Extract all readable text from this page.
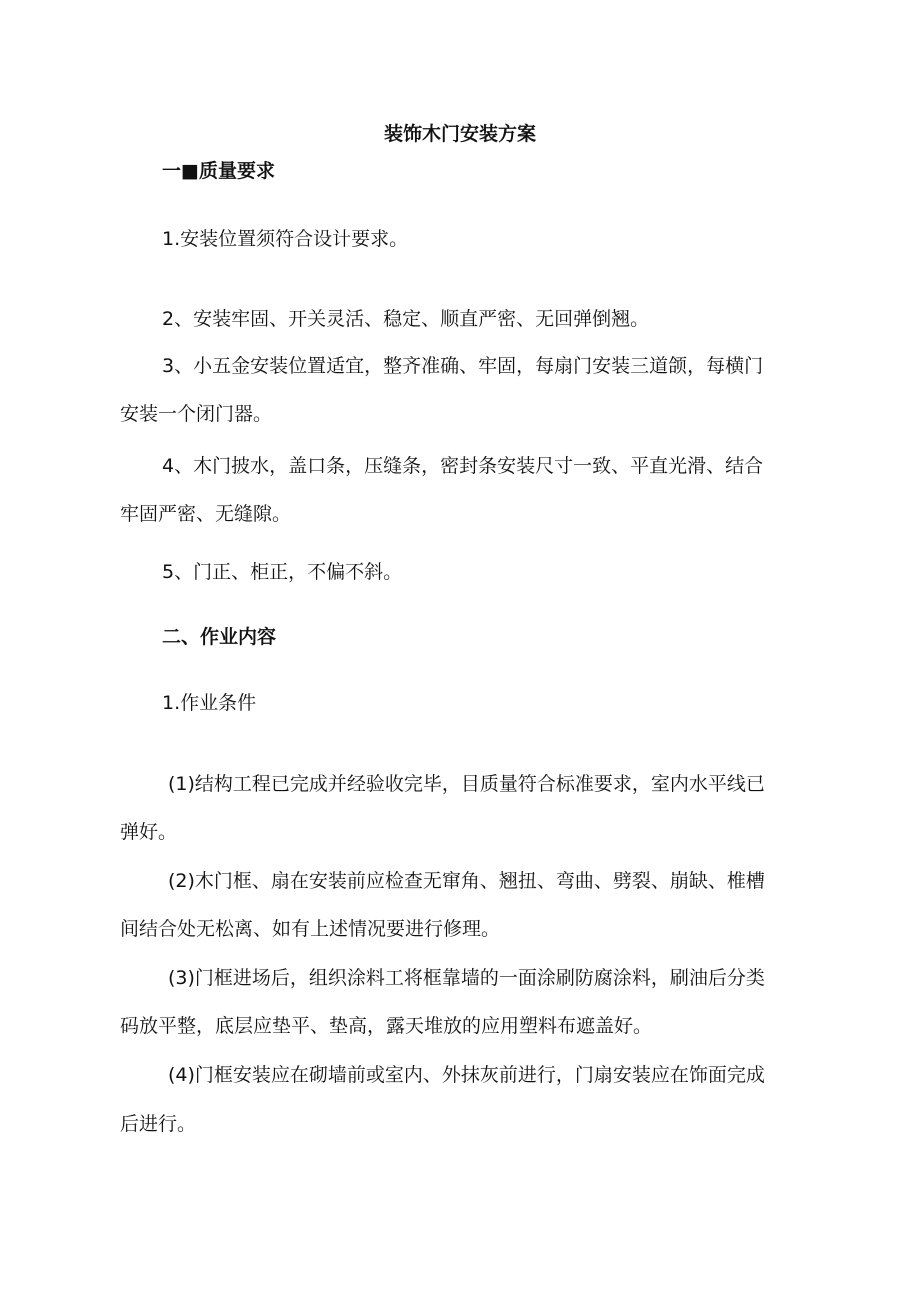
装饰木门安装方案
一■质量要求
1.安装位置须符合设计要求。
2、安装牢固、开关灵活、稳定、顺直严密、无回弹倒翘。
3、小五金安装位置适宜，整齐准确、牢固，每扇门安装三道颌，每横门
安装一个闭门器。
4、木门披水，盖口条，压缝条，密封条安装尺寸一致、平直光滑、结合
牢固严密、无缝隙。
5、门正、柜正，不偏不斜。
二、作业内容
1.作业条件
(1)结构工程已完成并经验收完毕，目质量符合标准要求，室内水平线已
弹好。
(2)木门框、扇在安装前应检查无窜角、翘扭、弯曲、劈裂、崩缺、椎槽
间结合处无松离、如有上述情况要进行修理。
(3)门框进场后，组织涂料工将框靠墙的一面涂刷防腐涂料，刷油后分类
码放平整，底层应垫平、垫高，露天堆放的应用塑料布遮盖好。
(4)门框安装应在砌墙前或室内、外抹灰前进行，门扇安装应在饰面完成
后进行。
